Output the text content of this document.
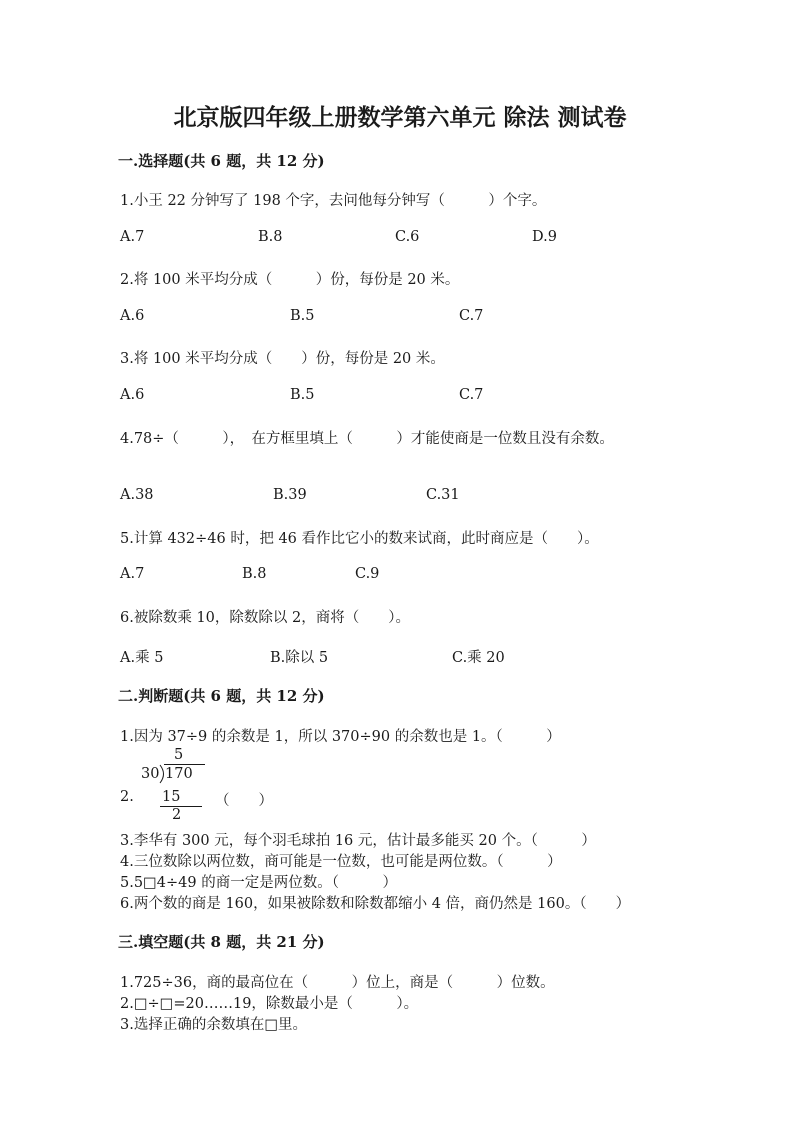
北京版四年级上册数学第六单元 除法 测试卷
一.选择题(共 6 题，共 12 分)
1.小王 22 分钟写了 198 个字，去问他每分钟写（　　　）个字。
A.7	B.8	C.6	D.9
2.将 100 米平均分成（　　　）份，每份是 20 米。
A.6	B.5	C.7
3.将 100 米平均分成（　　）份，每份是 20 米。
A.6	B.5	C.7
4.78÷（　　　），　在方框里填上（　　　）才能使商是一位数且没有余数。
A.38	B.39	C.31
5.计算 432÷46 时，把 46 看作比它小的数来试商，此时商应是（　　）。
A.7	B.8	C.9
6.被除数乘 10，除数除以 2，商将（　　）。
A.乘 5	B.除以 5	C.乘 20
二.判断题(共 6 题，共 12 分)
1.因为 37÷9 的余数是 1，所以 370÷90 的余数也是 1。（　　　）
5
30 170
15
2
2.	（　　）
3.李华有 300 元，每个羽毛球拍 16 元，估计最多能买 20 个。（　　　）
4.三位数除以两位数，商可能是一位数，也可能是两位数。（　　　）
5.5□4÷49 的商一定是两位数。（　　　）
6.两个数的商是 160，如果被除数和除数都缩小 4 倍，商仍然是 160。（　　）
三.填空题(共 8 题，共 21 分)
1.725÷36，商的最高位在（　　　）位上，商是（　　　）位数。
2.□÷□=20……19，除数最小是（　　　）。
3.选择正确的余数填在□里。
